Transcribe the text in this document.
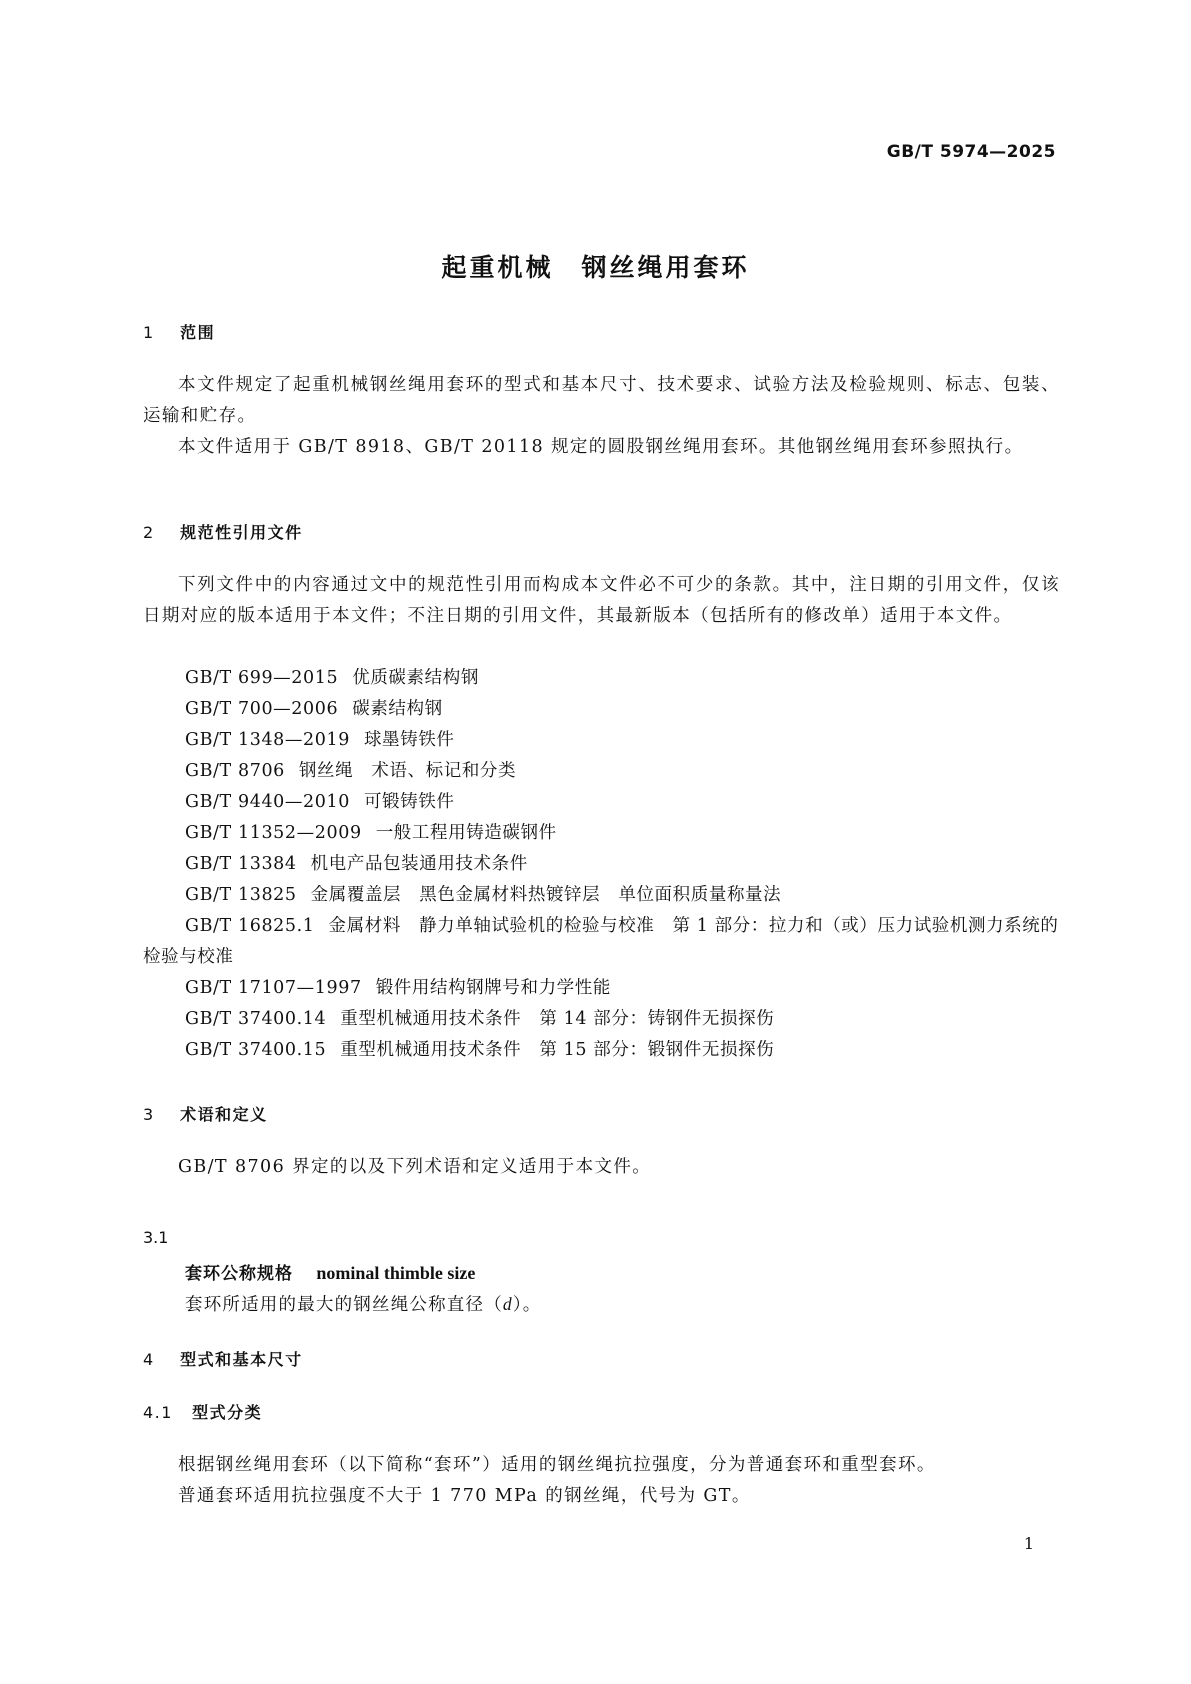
GB/T 5974—2025
起重机械　钢丝绳用套环
1 范围

本文件规定了起重机械钢丝绳用套环的型式和基本尺寸、技术要求、试验方法及检验规则、标志、包装、运输和贮存。

本文件适用于 GB/T 8918、GB/T 20118 规定的圆股钢丝绳用套环。其他钢丝绳用套环参照执行。

2 规范性引用文件

下列文件中的内容通过文中的规范性引用而构成本文件必不可少的条款。其中，注日期的引用文件，仅该日期对应的版本适用于本文件；不注日期的引用文件，其最新版本（包括所有的修改单）适用于本文件。

GB/T 699—2015 优质碳素结构钢
GB/T 700—2006 碳素结构钢
GB/T 1348—2019 球墨铸铁件
GB/T 8706 钢丝绳　术语、标记和分类
GB/T 9440—2010 可锻铸铁件
GB/T 11352—2009 一般工程用铸造碳钢件
GB/T 13384 机电产品包装通用技术条件
GB/T 13825 金属覆盖层　黑色金属材料热镀锌层　单位面积质量称量法
GB/T 16825.1 金属材料　静力单轴试验机的检验与校准　第 1 部分：拉力和（或）压力试验机测力系统的检验与校准
GB/T 17107—1997 锻件用结构钢牌号和力学性能
GB/T 37400.14 重型机械通用技术条件　第 14 部分：铸钢件无损探伤
GB/T 37400.15 重型机械通用技术条件　第 15 部分：锻钢件无损探伤
3 术语和定义

GB/T 8706 界定的以及下列术语和定义适用于本文件。

3.1
套环公称规格 nominal thimble size
套环所适用的最大的钢丝绳公称直径（d）。
4 型式和基本尺寸
4.1 型式分类

根据钢丝绳用套环（以下简称“套环”）适用的钢丝绳抗拉强度，分为普通套环和重型套环。

普通套环适用抗拉强度不大于 1 770 MPa 的钢丝绳，代号为 GT。

1
